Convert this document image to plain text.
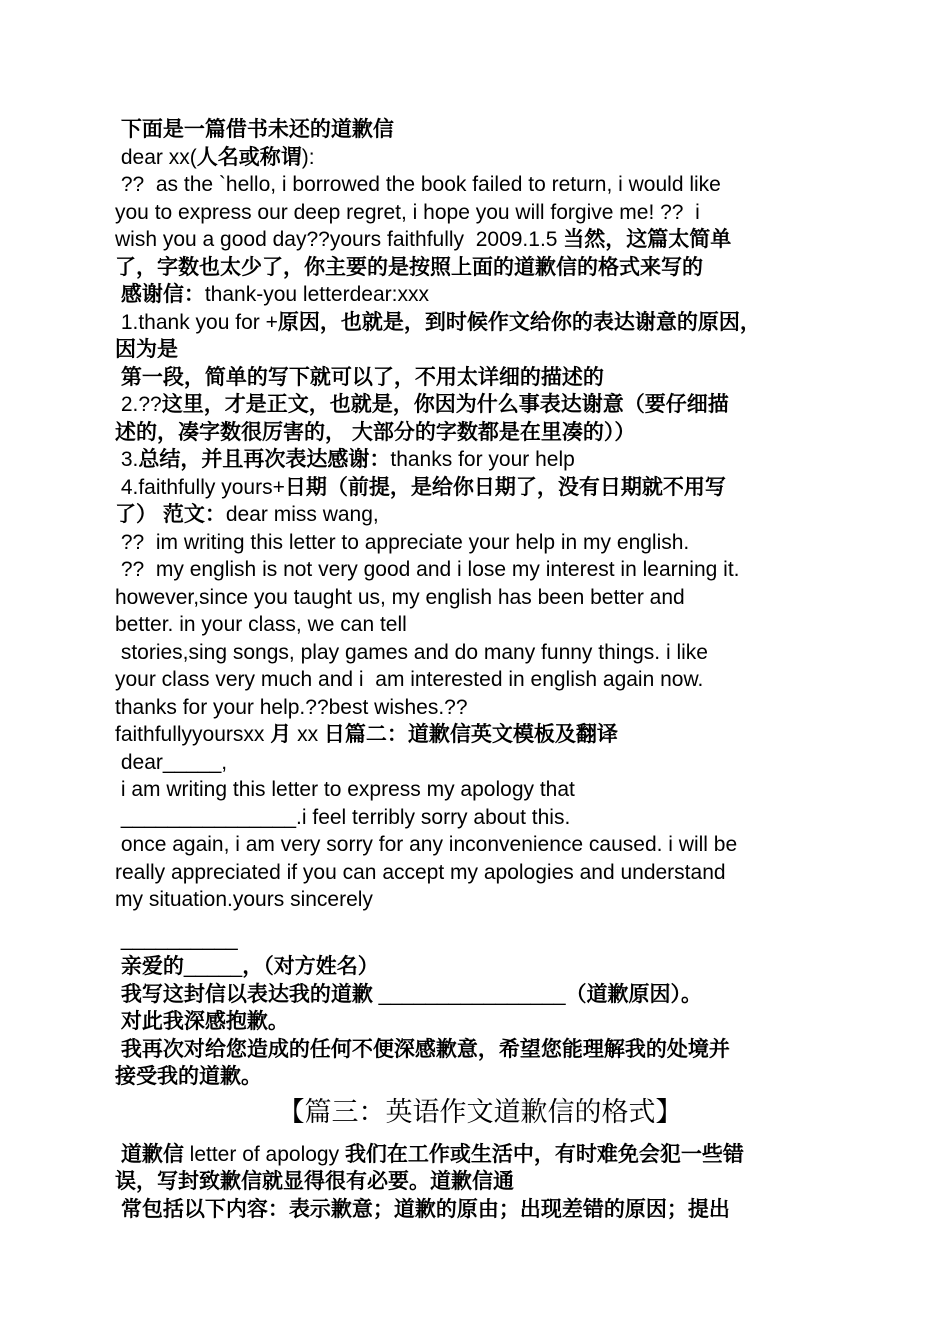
下面是一篇借书未还的道歉信
dear xx(人名或称谓):
??  as the `hello, i borrowed the book failed to return, i would like
you to express our deep regret, i hope you will forgive me! ??  i
wish you a good day??yours faithfully  2009.1.5 当然，这篇太简单
了，字数也太少了，你主要的是按照上面的道歉信的格式来写的
感谢信：thank-you letterdear:xxx
1.thank you for +原因，也就是，到时候作文给你的表达谢意的原因，
因为是
第一段，简单的写下就可以了，不用太详细的描述的
2.??这里，才是正文，也就是，你因为什么事表达谢意（要仔细描
述的，凑字数很厉害的， 大部分的字数都是在里凑的））
3.总结，并且再次表达感谢：thanks for your help
4.faithfully yours+日期（前提，是给你日期了，没有日期就不用写
了） 范文：dear miss wang,
??  im writing this letter to appreciate your help in my english.
??  my english is not very good and i lose my interest in learning it.
however,since you taught us, my english has been better and
better. in your class, we can tell
stories,sing songs, play games and do many funny things. i like
your class very much and i  am interested in english again now.
thanks for your help.??best wishes.??
faithfullyyoursxx 月 xx 日篇二：道歉信英文模板及翻译
dear_____,
i am writing this letter to express my apology that
_______________.i feel terribly sorry about this.
once again, i am very sorry for any inconvenience caused. i will be
really appreciated if you can accept my apologies and understand
my situation.yours sincerely
__________
亲爱的_____，（对方姓名）
我写这封信以表达我的道歉 ________________（道歉原因）。
对此我深感抱歉。
我再次对给您造成的任何不便深感歉意，希望您能理解我的处境并
接受我的道歉。
【篇三：英语作文道歉信的格式】
道歉信 letter of apology 我们在工作或生活中，有时难免会犯一些错
误，写封致歉信就显得很有必要。道歉信通
常包括以下内容：表示歉意；道歉的原由；出现差错的原因；提出
